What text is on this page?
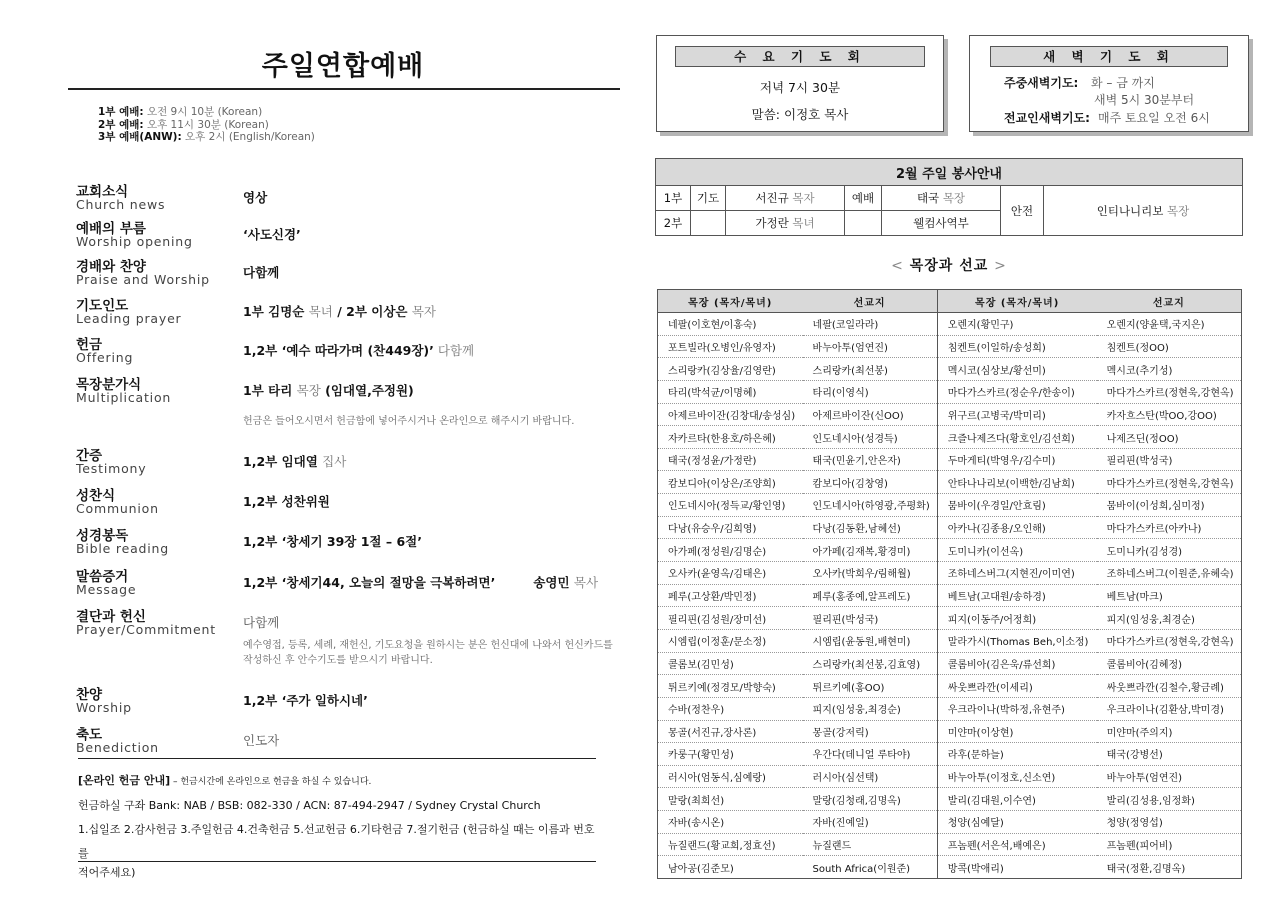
주일연합예배
1부 예배: 오전 9시 10분 (Korean)
2부 예배: 오후 11시 30분 (Korean)
3부 예배(ANW): 오후 2시 (English/Korean)
교회소식
Church news	영상
예배의 부름
Worship opening	‘사도신경’
경배와 찬양
Praise and Worship	다함께
기도인도
Leading prayer	1부 김명순 목녀 / 2부 이상은 목자
헌금
Offering	1,2부 ‘예수 따라가며 (찬449장)’ 다함께
목장분가식
Multiplication	1부 타리 목장 (임대열,주정원)
간증
Testimony	1,2부 임대열 집사
성찬식
Communion	1,2부 성찬위원
성경봉독
Bible reading	1,2부 ‘창세기 39장 1절 – 6절’
말씀증거
Message	1,2부 ‘창세기44, 오늘의 절망을 극복하려면’	송영민 목사
결단과 헌신
Prayer/Commitment 다함께
찬양
Worship	1,2부 ‘주가 일하시네’
축도
Benediction	인도자
헌금은 들어오시면서 헌금함에 넣어주시거나 온라인으로 해주시기 바랍니다.
예수영접, 등록, 세례, 재헌신, 기도요청을 원하시는 분은 헌신대에 나와서 헌신카드를 작성하신 후 안수기도를 받으시기 바랍니다.
[온라인 헌금 안내] – 헌금시간에 온라인으로 헌금을 하실 수 있습니다.
헌금하실 구좌 Bank: NAB / BSB: 082-330 / ACN: 87-494-2947 / Sydney Crystal Church
1.십일조 2.감사헌금 3.주일헌금 4.건축헌금 5.선교헌금 6.기타헌금 7.절기헌금 (헌금하실 때는 이름과 번호를
적어주세요)
수 요 기 도 회
저녁 7시 30분
말씀: 이정호 목사
새 벽 기 도 회
주중새벽기도: 화 – 금 까지
새벽 5시 30분부터
전교인새벽기도: 매주 토요일 오전 6시
2월 주일 봉사안내						
1부	기도	서진규 목자	예배	태국 목장	안전	인티나니리보 목장
2부		가정란 목녀		웰컴사역부		
< 목장과 선교 >
목장 (목자/목녀)	선교지	목장 (목자/목녀)	선교지
네팔(이호현/이홍숙)	네팔(코일라라)	오렌지(황민구)	오렌지(양윤택,국지은)
포트빌라(오병인/유영자)	바누아투(엄연진)	침켄트(이일하/송성희)	침켄트(정OO)
스리랑카(김상율/김영란)	스리랑카(최선봉)	멕시코(심상보/황선미)	멕시코(추기성)
타리(박석균/이명혜)	타리(이영식)	마다가스카르(정순우/한송이)	마다가스카르(정현욱,강현옥)
아제르바이잔(김창대/송성심)	아제르바이잔(신OO)	위구르(고병국/박미리)	카자흐스탄(박OO,강OO)
자카르타(한용호/하은혜)	인도네시아(성경득)	크즐나제즈다(황호인/김선희)	나제즈딘(정OO)
태국(정성윤/가정란)	태국(민윤기,안은자)	두마게티(박영우/김수미)	필리핀(박성국)
캄보디아(이상은/조양희)	캄보디아(김창영)	안타나나리보(이백한/김남희)	마다가스카르(정현욱,강현옥)
인도네시아(정득교/황인영)	인도네시아(하영광,주평화)	뭄바이(우경일/안효림)	뭄바이(이성희,심미정)
다낭(유승우/김희영)	다낭(김동환,남혜선)	아카나(김종용/오인해)	마다가스카르(아카나)
아가페(정성원/김명순)	아가페(김재복,황경미)	도미니카(이선옥)	도미니카(김성경)
오사카(윤영옥/김태은)	오사카(박희우/림해월)	조하네스버그(지현진/이미연)	조하네스버그(이원준,유혜숙)
페루(고상환/박민정)	페루(홍종예,알프레도)	베트남(고대원/송하경)	베트남(마크)
필리핀(김성원/장미선)	필리핀(박성국)	피지(이동주/어정희)	피지(임성웅,최경순)
시엠립(이정훈/문소정)	시엠립(윤동원,배현미)	말라가시(Thomas Beh,이소정)	마다가스카르(정현욱,강현옥)
콜롬보(김민성)	스리랑카(최선봉,김효영)	콜롬비아(김은욱/류선희)	콜롬비아(김혜정)
튀르키예(정경모/박향숙)	튀르키예(홍OO)	싸웃쁘라깐(이세리)	싸웃쁘라깐(김철수,황금례)
수바(정찬우)	피지(임성웅,최경순)	우크라이나(박하정,유현주)	우크라이나(김환삼,박미경)
몽골(서진규,장사론)	몽골(강저릭)	미얀마(이상현)	미얀마(주의지)
카룽구(황민성)	우간다(데니얼 루타야)	라후(문하늘)	태국(강병선)
러시아(엄동식,심예랑)	러시아(심선택)	바누아투(이정호,신소연)	바누아투(엄연진)
말랑(최희선)	말랑(김청래,김명옥)	발리(김대원,이수연)	발리(김성용,임정화)
자바(송시온)	자바(진예일)	청양(심예달)	청양(정영섭)
뉴질랜드(황교희,정효선)	뉴질랜드	프놈펜(서은석,배예은)	프놈펜(피어비)
남아공(김준모)	South Africa(이원준)	방콕(박애리)	태국(정환,김명옥)
